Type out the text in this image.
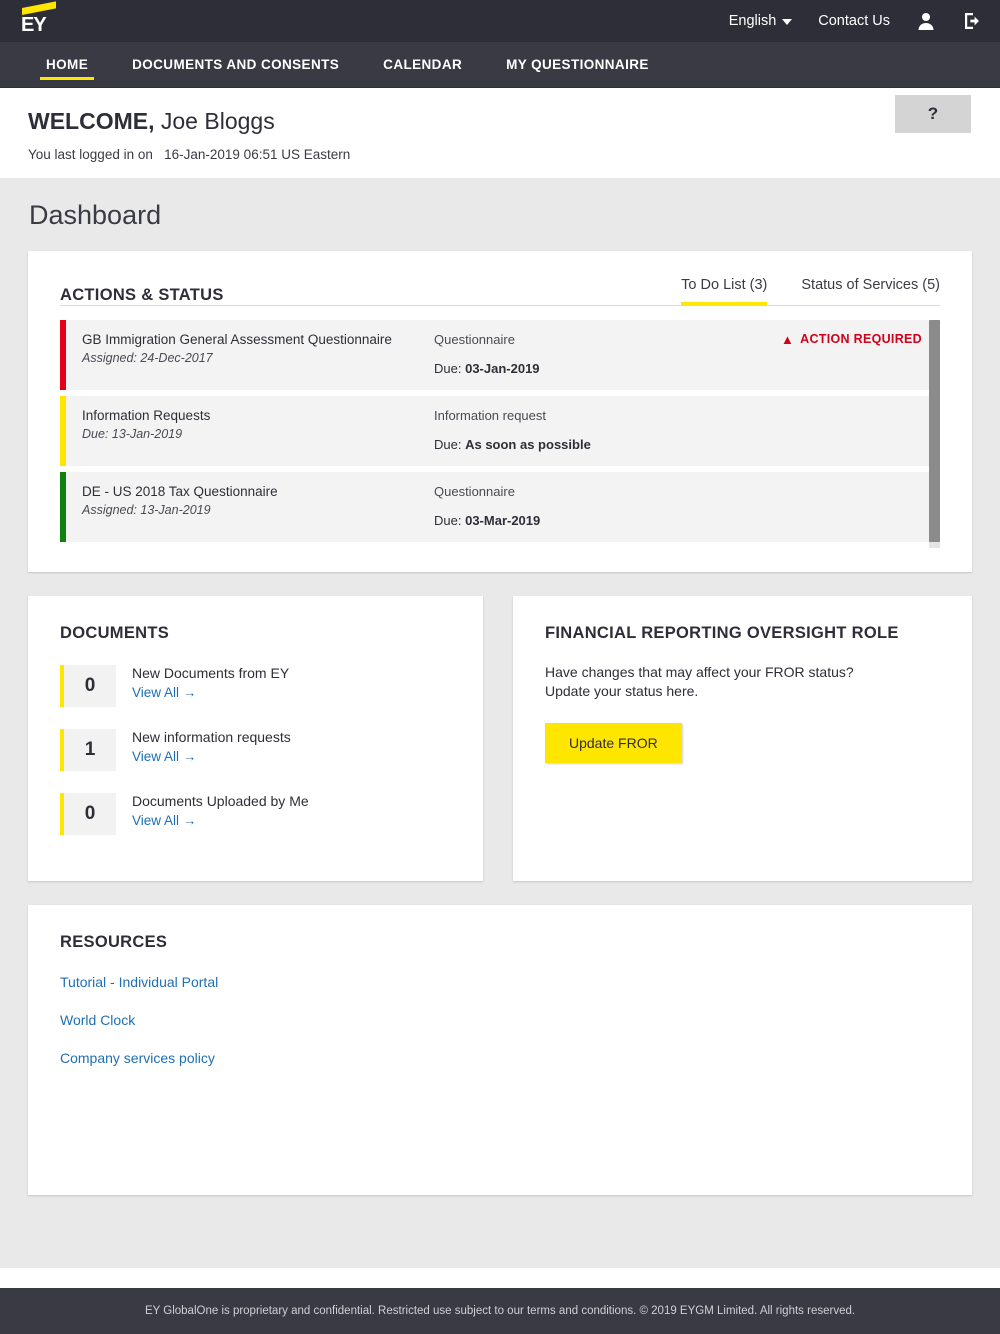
EY	English	Contact Us
HOME	DOCUMENTS AND CONSENTS	CALENDAR	MY QUESTIONNAIRE
WELCOME, Joe Bloggs
You last logged in on 16-Jan-2019 06:51 US Eastern
?
Dashboard
ACTIONS & STATUS
To Do List (3) Status of Services (5)
GB Immigration General Assessment Questionnaire
Assigned: 24-Dec-2017
Questionnaire
Due: 03-Jan-2019
▲ ACTION REQUIRED
Information Requests
Due: 13-Jan-2019
Information request
Due: As soon as possible
DE - US 2018 Tax Questionnaire
Assigned: 13-Jan-2019
Questionnaire
Due: 03-Mar-2019
DOCUMENTS
0
New Documents from EY
View All →
1
New information requests
View All →
0
Documents Uploaded by Me
View All →
FINANCIAL REPORTING OVERSIGHT ROLE
Have changes that may affect your FROR status?
Update your status here.
Update FROR
RESOURCES
Tutorial - Individual Portal
World Clock
Company services policy
EY GlobalOne is proprietary and confidential. Restricted use subject to our terms and conditions. © 2019 EYGM Limited. All rights reserved.
